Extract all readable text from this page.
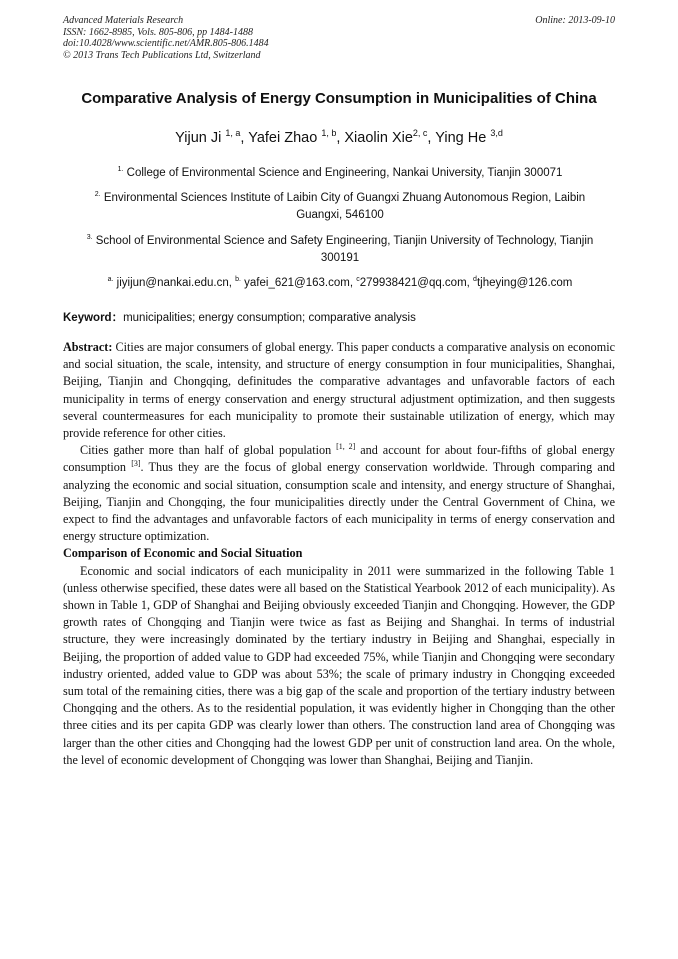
Advanced Materials Research
ISSN: 1662-8985, Vols. 805-806, pp 1484-1488
doi:10.4028/www.scientific.net/AMR.805-806.1484
© 2013 Trans Tech Publications Ltd, Switzerland
Online: 2013-09-10
Comparative Analysis of Energy Consumption in Municipalities of China
Yijun Ji $^{1, a}$, Yafei Zhao $^{1, b}$, Xiaolin Xie$^{2, c}$, Ying He $^{3,d}$
$^{1.}$ College of Environmental Science and Engineering, Nankai University, Tianjin 300071
$^{2.}$ Environmental Sciences Institute of Laibin City of Guangxi Zhuang Autonomous Region, Laibin Guangxi, 546100
$^{3.}$ School of Environmental Science and Safety Engineering, Tianjin University of Technology, Tianjin 300191
$^{a.}$ jiyijun@nankai.edu.cn, $^{b.}$ yafei_621@163.com, $^c$279938421@qq.com, $^d$tjheying@126.com
Keyword：municipalities; energy consumption; comparative analysis

Abstract: Cities are major consumers of global energy. This paper conducts a comparative analysis on economic and social situation, the scale, intensity, and structure of energy consumption in four municipalities, Shanghai, Beijing, Tianjin and Chongqing, definitudes the comparative advantages and unfavorable factors of each municipality in terms of energy conservation and energy structural adjustment optimization, and then suggests several countermeasures for each municipality to promote their sustainable utilization of energy, which may provide reference for other cities.

Cities gather more than half of global population [1, 2] and account for about four-fifths of global energy consumption [3]. Thus they are the focus of global energy conservation worldwide. Through comparing and analyzing the economic and social situation, consumption scale and intensity, and energy structure of Shanghai, Beijing, Tianjin and Chongqing, the four municipalities directly under the Central Government of China, we expect to find the advantages and unfavorable factors of each municipality in terms of energy conservation and energy structure optimization.

Comparison of Economic and Social Situation

Economic and social indicators of each municipality in 2011 were summarized in the following Table 1 (unless otherwise specified, these dates were all based on the Statistical Yearbook 2012 of each municipality). As shown in Table 1, GDP of Shanghai and Beijing obviously exceeded Tianjin and Chongqing. However, the GDP growth rates of Chongqing and Tianjin were twice as fast as Beijing and Shanghai. In terms of industrial structure, they were increasingly dominated by the tertiary industry in Beijing and Shanghai, especially in Beijing, the proportion of added value to GDP had exceeded 75%, while Tianjin and Chongqing were secondary industry oriented, added value to GDP was about 53%; the scale of primary industry in Chongqing exceeded sum total of the remaining cities, there was a big gap of the scale and proportion of the tertiary industry between Chongqing and the others. As to the residential population, it was evidently higher in Chongqing than the other three cities and its per capita GDP was clearly lower than others. The construction land area of Chongqing was larger than the other cities and Chongqing had the lowest GDP per unit of construction land area. On the whole, the level of economic development of Chongqing was lower than Shanghai, Beijing and Tianjin.
